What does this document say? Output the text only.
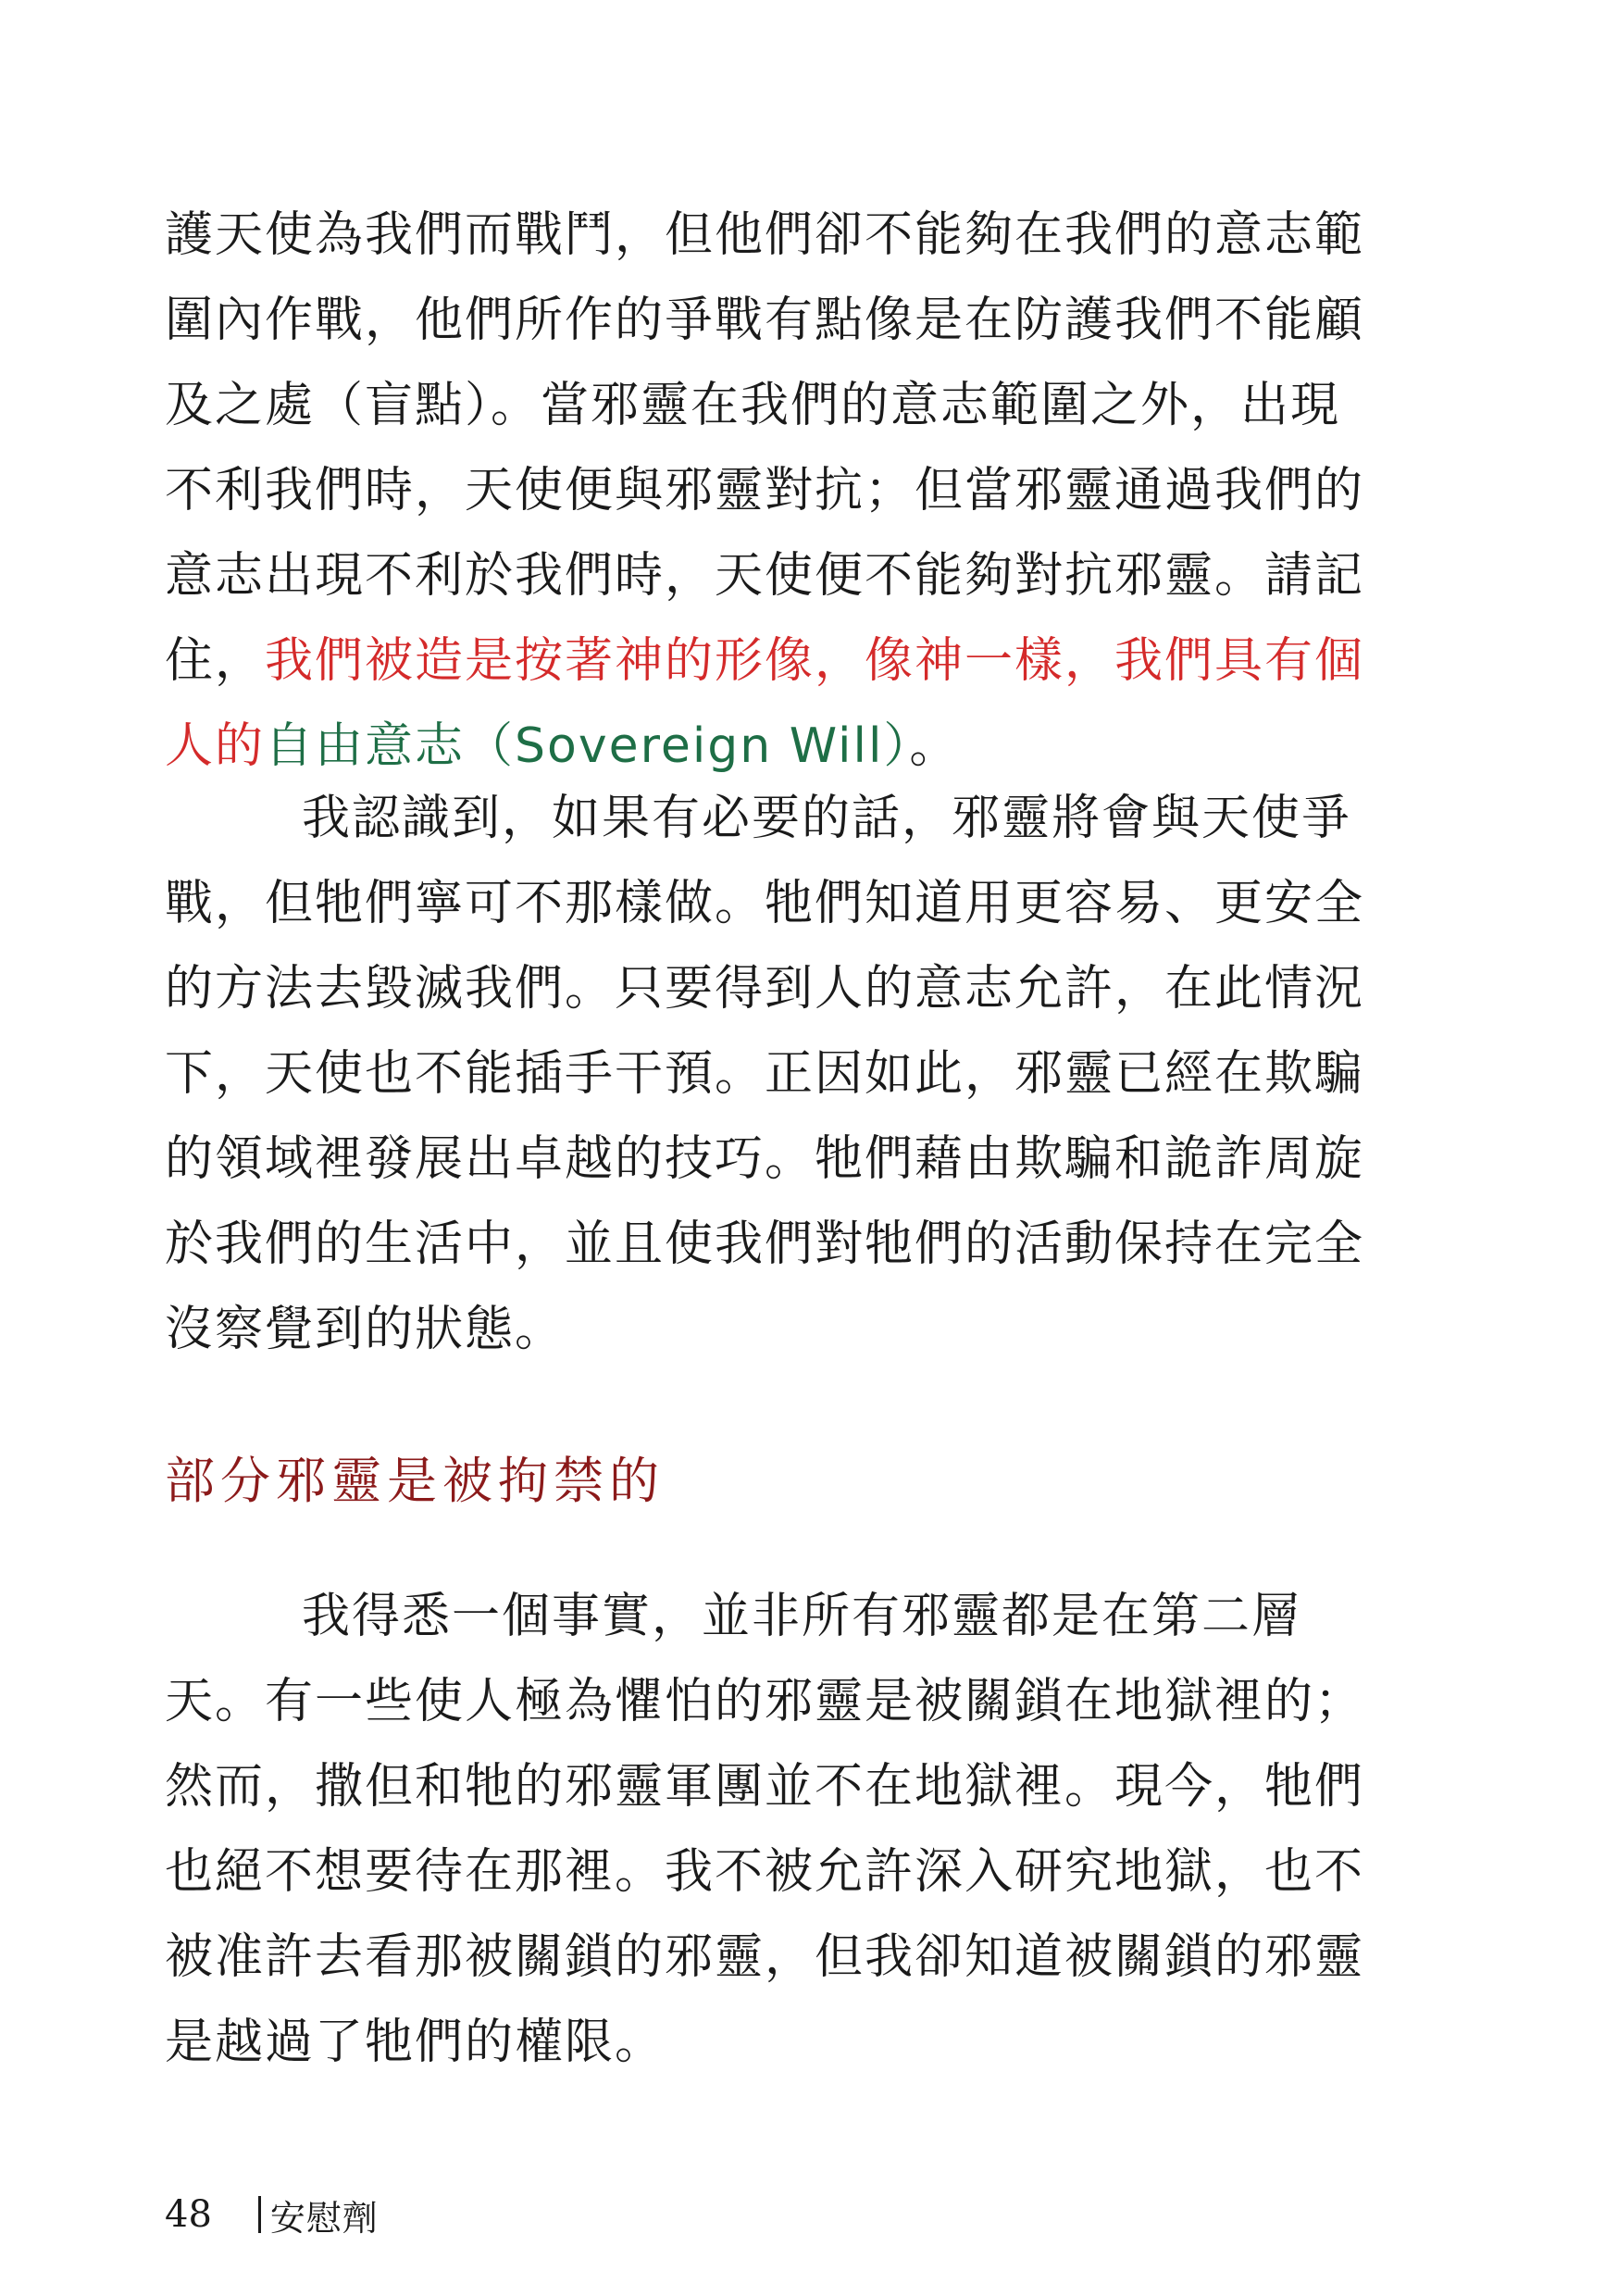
護天使為我們而戰鬥，但他們卻不能夠在我們的意志範
圍內作戰，他們所作的爭戰有點像是在防護我們不能顧
及之處（盲點）。當邪靈在我們的意志範圍之外，出現
不利我們時，天使便與邪靈對抗；但當邪靈通過我們的
意志出現不利於我們時，天使便不能夠對抗邪靈。請記
住，我們被造是按著神的形像，像神一樣，我們具有個
人的自由意志（Sovereign Will）。
我認識到，如果有必要的話，邪靈將會與天使爭
戰，但牠們寧可不那樣做。牠們知道用更容易、更安全
的方法去毀滅我們。只要得到人的意志允許，在此情況
下，天使也不能插手干預。正因如此，邪靈已經在欺騙
的領域裡發展出卓越的技巧。牠們藉由欺騙和詭詐周旋
於我們的生活中，並且使我們對牠們的活動保持在完全
沒察覺到的狀態。
部分邪靈是被拘禁的
我得悉一個事實，並非所有邪靈都是在第二層
天。有一些使人極為懼怕的邪靈是被關鎖在地獄裡的；
然而，撒但和牠的邪靈軍團並不在地獄裡。現今，牠們
也絕不想要待在那裡。我不被允許深入研究地獄，也不
被准許去看那被關鎖的邪靈，但我卻知道被關鎖的邪靈
是越過了牠們的權限。
48 安慰劑
